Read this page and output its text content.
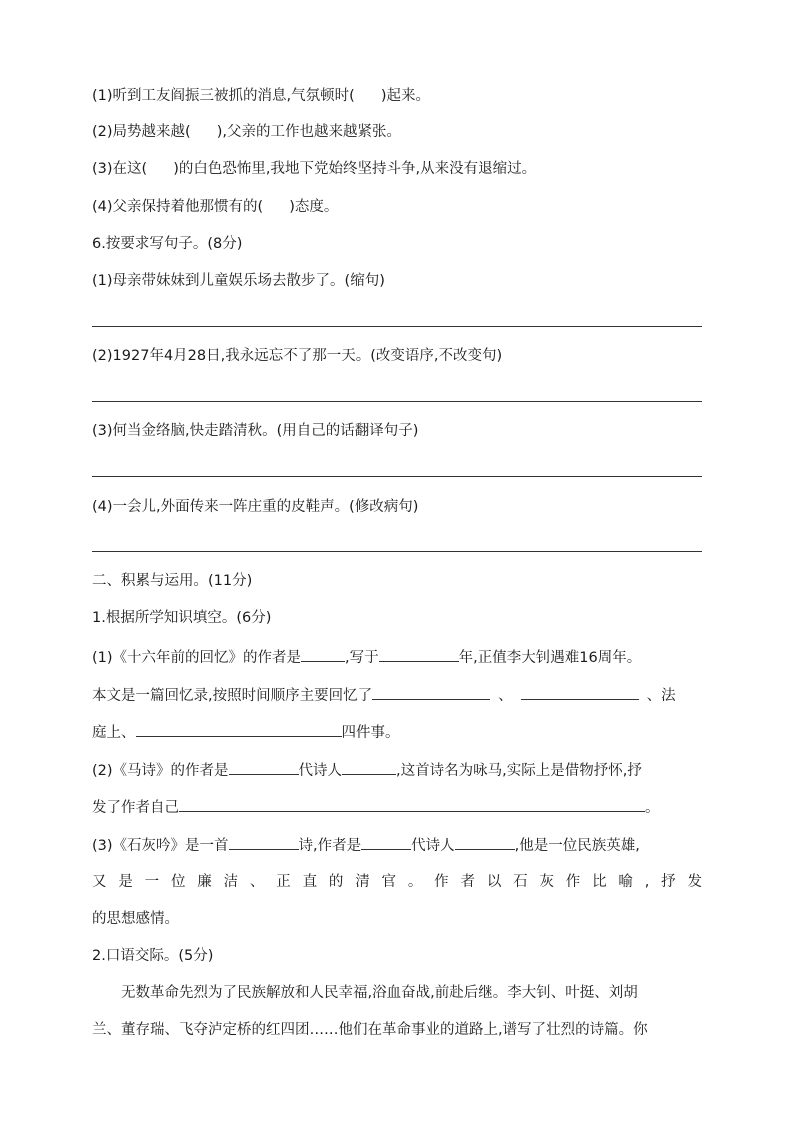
(1)听到工友阎振三被抓的消息,气氛顿时( )起来。
(2)局势越来越( ),父亲的工作也越来越紧张。
(3)在这( )的白色恐怖里,我地下党始终坚持斗争,从来没有退缩过。
(4)父亲保持着他那惯有的( )态度。
6.按要求写句子。(8分)
(1)母亲带妹妹到儿童娱乐场去散步了。(缩句)
(2)1927年4月28日,我永远忘不了那一天。(改变语序,不改变句)
(3)何当金络脑,快走踏清秋。(用自己的话翻译句子)
(4)一会儿,外面传来一阵庄重的皮鞋声。(修改病句)
二、积累与运用。(11分)
1.根据所学知识填空。(6分)
(1)《十六年前的回忆》的作者是	,写于	年,正值李大钊遇难16周年。
本文是一篇回忆录,按照时间顺序主要回忆了	、	、法
庭上、	四件事。
(2)《马诗》的作者是	代诗人	,这首诗名为咏马,实际上是借物抒怀,抒
发了作者自己	。
(3)《石灰吟》是一首	诗,作者是	代诗人	,他是一位民族英雄,
又是一位廉洁、正直的清官。作者以石灰作比喻,抒发
的思想感情。
2.口语交际。(5分)
无数革命先烈为了民族解放和人民幸福,浴血奋战,前赴后继。李大钊、叶挺、刘胡
兰、董存瑞、飞夺泸定桥的红四团……他们在革命事业的道路上,谱写了壮烈的诗篇。你
